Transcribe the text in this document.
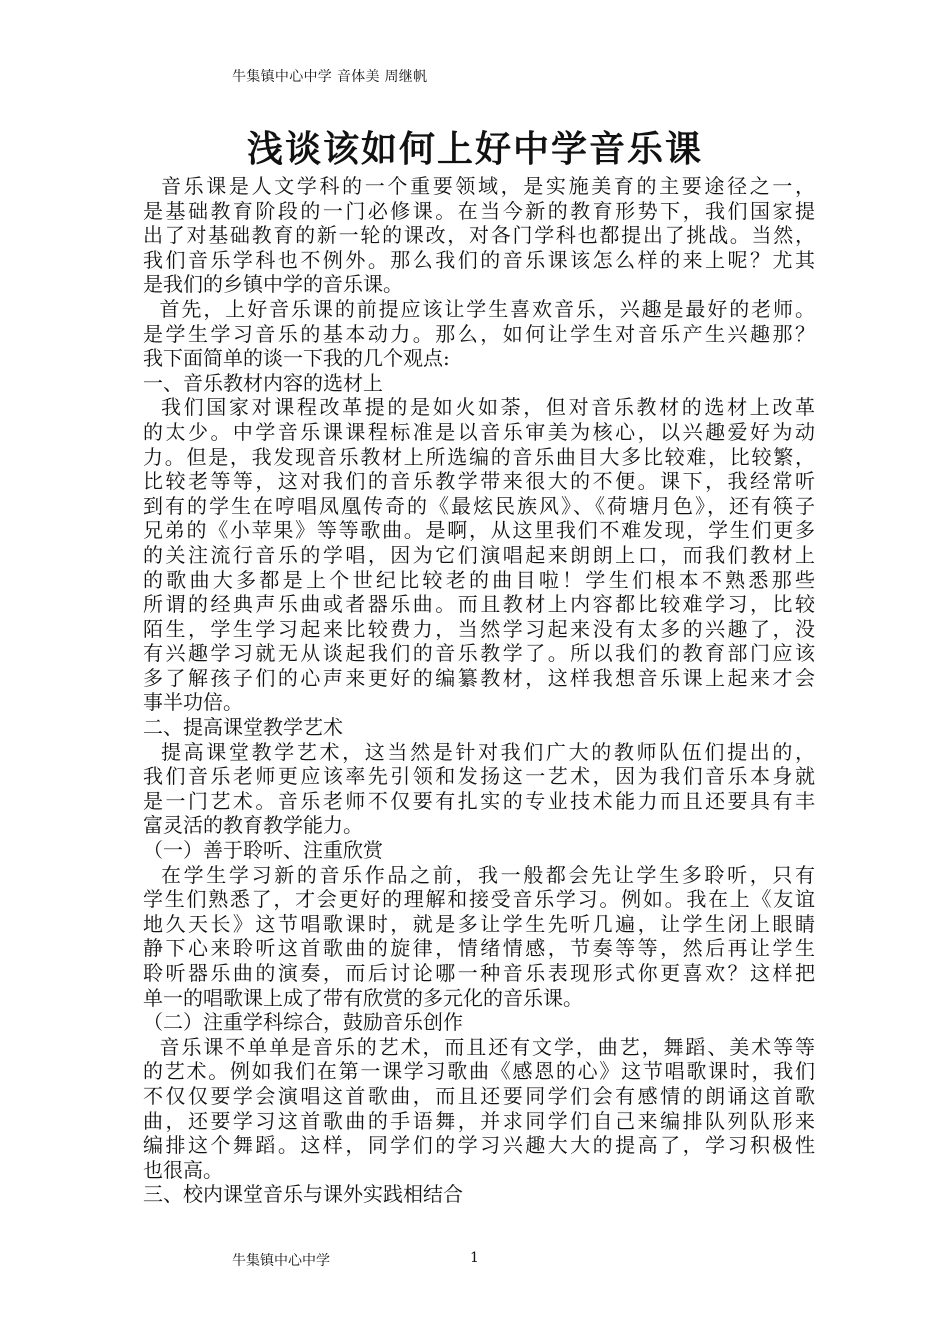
牛集镇中心中学 音体美 周继帆
浅谈该如何上好中学音乐课
音乐课是人文学科的一个重要领域，是实施美育的主要途径之一，
是基础教育阶段的一门必修课。在当今新的教育形势下，我们国家提
出了对基础教育的新一轮的课改，对各门学科也都提出了挑战。当然，
我们音乐学科也不例外。那么我们的音乐课该怎么样的来上呢？尤其
是我们的乡镇中学的音乐课。
首先，上好音乐课的前提应该让学生喜欢音乐，兴趣是最好的老师。
是学生学习音乐的基本动力。那么，如何让学生对音乐产生兴趣那？
我下面简单的谈一下我的几个观点:
一、音乐教材内容的选材上
我们国家对课程改革提的是如火如荼，但对音乐教材的选材上改革
的太少。中学音乐课课程标准是以音乐审美为核心，以兴趣爱好为动
力。但是，我发现音乐教材上所选编的音乐曲目大多比较难，比较繁，
比较老等等，这对我们的音乐教学带来很大的不便。课下，我经常听
到有的学生在哼唱凤凰传奇的《最炫民族风》、《荷塘月色》，还有筷子
兄弟的《小苹果》等等歌曲。是啊，从这里我们不难发现，学生们更多
的关注流行音乐的学唱，因为它们演唱起来朗朗上口，而我们教材上
的歌曲大多都是上个世纪比较老的曲目啦！学生们根本不熟悉那些
所谓的经典声乐曲或者器乐曲。而且教材上内容都比较难学习，比较
陌生，学生学习起来比较费力，当然学习起来没有太多的兴趣了，没
有兴趣学习就无从谈起我们的音乐教学了。所以我们的教育部门应该
多了解孩子们的心声来更好的编纂教材，这样我想音乐课上起来才会
事半功倍。
二、提高课堂教学艺术
提高课堂教学艺术，这当然是针对我们广大的教师队伍们提出的，
我们音乐老师更应该率先引领和发扬这一艺术，因为我们音乐本身就
是一门艺术。音乐老师不仅要有扎实的专业技术能力而且还要具有丰
富灵活的教育教学能力。
（一）善于聆听、注重欣赏
在学生学习新的音乐作品之前，我一般都会先让学生多聆听，只有
学生们熟悉了，才会更好的理解和接受音乐学习。例如。我在上《友谊
地久天长》这节唱歌课时，就是多让学生先听几遍，让学生闭上眼睛
静下心来聆听这首歌曲的旋律，情绪情感，节奏等等，然后再让学生
聆听器乐曲的演奏，而后讨论哪一种音乐表现形式你更喜欢？这样把
单一的唱歌课上成了带有欣赏的多元化的音乐课。
（二）注重学科综合，鼓励音乐创作
音乐课不单单是音乐的艺术，而且还有文学，曲艺，舞蹈、美术等等
的艺术。例如我们在第一课学习歌曲《感恩的心》这节唱歌课时，我们
不仅仅要学会演唱这首歌曲，而且还要同学们会有感情的朗诵这首歌
曲，还要学习这首歌曲的手语舞，并求同学们自己来编排队列队形来
编排这个舞蹈。这样，同学们的学习兴趣大大的提高了，学习积极性
也很高。
三、校内课堂音乐与课外实践相结合
牛集镇中心中学	1
